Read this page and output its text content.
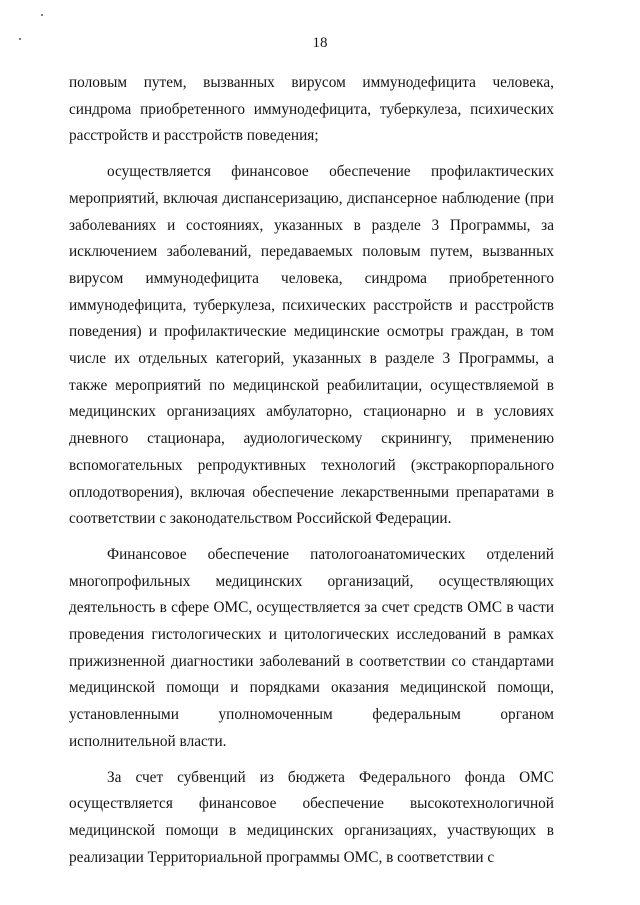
18

половым путем, вызванных вирусом иммунодефицита человека, синдрома приобретенного иммунодефицита, туберкулеза, психических расстройств и расстройств поведения;

осуществляется финансовое обеспечение профилактических мероприятий, включая диспансеризацию, диспансерное наблюдение (при заболеваниях и состояниях, указанных в разделе 3 Программы, за исключением заболеваний, передаваемых половым путем, вызванных вирусом иммунодефицита человека, синдрома приобретенного иммунодефицита, туберкулеза, психических расстройств и расстройств поведения) и профилактические медицинские осмотры граждан, в том числе их отдельных категорий, указанных в разделе 3 Программы, а также мероприятий по медицинской реабилитации, осуществляемой в медицинских организациях амбулаторно, стационарно и в условиях дневного стационара, аудиологическому скринингу, применению вспомогательных репродуктивных технологий (экстракорпорального оплодотворения), включая обеспечение лекарственными препаратами в соответствии с законодательством Российской Федерации.

Финансовое обеспечение патологоанатомических отделений многопрофильных медицинских организаций, осуществляющих деятельность в сфере ОМС, осуществляется за счет средств ОМС в части проведения гистологических и цитологических исследований в рамках прижизненной диагностики заболеваний в соответствии со стандартами медицинской помощи и порядками оказания медицинской помощи, установленными уполномоченным федеральным органом исполнительной власти.

За счет субвенций из бюджета Федерального фонда ОМС осуществляется финансовое обеспечение высокотехнологичной медицинской помощи в медицинских организациях, участвующих в реализации Территориальной программы ОМС, в соответствии с
